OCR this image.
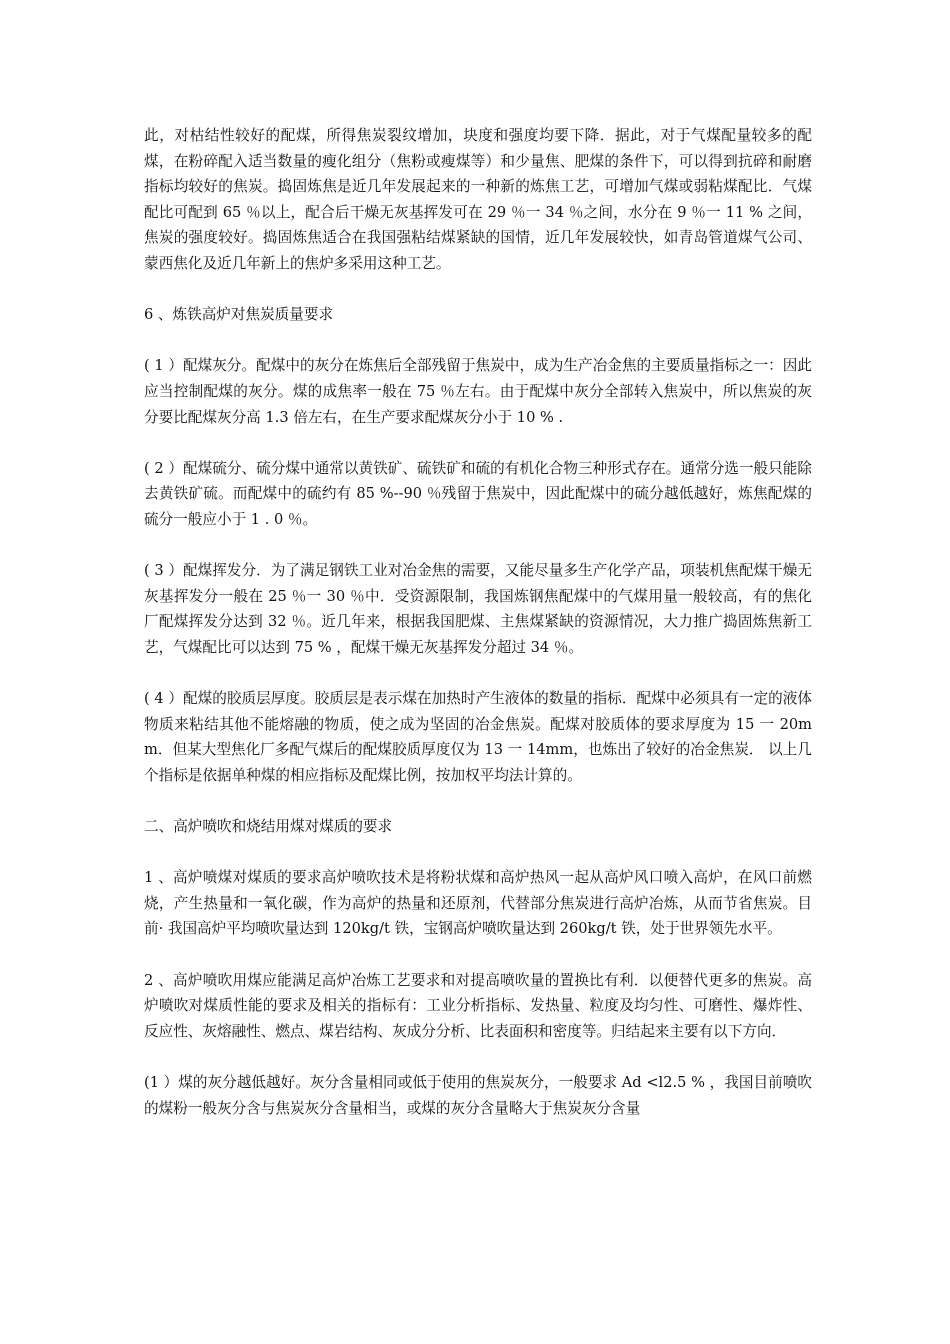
此，对枯结性较好的配煤，所得焦炭裂纹增加，块度和强度均要下降．据此，对于气煤配量较多的配煤，在粉碎配入适当数量的瘦化组分（焦粉或瘦煤等）和少量焦、肥煤的条件下，可以得到抗碎和耐磨指标均较好的焦炭。捣固炼焦是近几年发展起来的一种新的炼焦工艺，可增加气煤或弱粘煤配比．气煤配比可配到 65 ％以上，配合后干燥无灰基挥发可在 29 ％一 34 ％之间，水分在 9 ％一 11 % 之间，焦炭的强度较好。捣固炼焦适合在我国强粘结煤紧缺的国情，近几年发展较快，如青岛管道煤气公司、蒙西焦化及近几年新上的焦炉多采用这种工艺。

6 、炼铁高炉对焦炭质量要求

( 1 ）配煤灰分。配煤中的灰分在炼焦后全部残留于焦炭中，成为生产冶金焦的主要质量指标之一：因此应当控制配煤的灰分。煤的成焦率一般在 75 ％左右。由于配煤中灰分全部转入焦炭中，所以焦炭的灰分要比配煤灰分高 1.3 倍左右，在生产要求配煤灰分小于 10 % .

( 2 ）配煤硫分、硫分煤中通常以黄铁矿、硫铁矿和硫的有机化合物三种形式存在。通常分选一般只能除去黄铁矿硫。而配煤中的硫约有 85 %--90 ％残留于焦炭中，因此配煤中的硫分越低越好，炼焦配煤的硫分一般应小于 1 . 0 ％。

( 3 ）配煤挥发分．为了满足钢铁工业对冶金焦的需要，又能尽量多生产化学产品，项装机焦配煤干燥无灰基挥发分一般在 25 ％一 30 ％中．受资源限制，我国炼钢焦配煤中的气煤用量一般较高，有的焦化厂配煤挥发分达到 32 ％。近几年来，根据我国肥煤、主焦煤紧缺的资源情况，大力推广捣固炼焦新工艺，气煤配比可以达到 75 % ，配煤干燥无灰基挥发分超过 34 ％。

( 4 ）配煤的胶质层厚度。胶质层是表示煤在加热时产生液体的数量的指标．配煤中必须具有一定的液体物质来粘结其他不能熔融的物质，使之成为坚固的冶金焦炭。配煤对胶质体的要求厚度为 15 一 20mm．但某大型焦化厂多配气煤后的配煤胶质厚度仅为 13 一 14mm，也炼出了较好的冶金焦炭． 以上几个指标是依据单种煤的相应指标及配煤比例，按加权平均法计算的。

二、高炉喷吹和烧结用煤对煤质的要求

1 、高炉喷煤对煤质的要求高炉喷吹技术是将粉状煤和高炉热风一起从高炉风口喷入高炉，在风口前燃烧，产生热量和一氧化碳，作为高炉的热量和还原剂，代替部分焦炭进行高炉冶炼，从而节省焦炭。目前· 我国高炉平均喷吹量达到 120kg/t 铁，宝钢高炉喷吹量达到 260kg/t 铁，处于世界领先水平。

2 、高炉喷吹用煤应能满足高炉冶炼工艺要求和对提高喷吹量的置换比有利．以便替代更多的焦炭。高炉喷吹对煤质性能的要求及相关的指标有：工业分析指标、发热量、粒度及均匀性、可磨性、爆炸性、反应性、灰熔融性、燃点、煤岩结构、灰成分分析、比表面积和密度等。归结起来主要有以下方向．

(1 ）煤的灰分越低越好。灰分含量相同或低于使用的焦炭灰分，一般要求 Ad <l2.5 % ，我国目前喷吹的煤粉一般灰分含与焦炭灰分含量相当，或煤的灰分含量略大于焦炭灰分含量
